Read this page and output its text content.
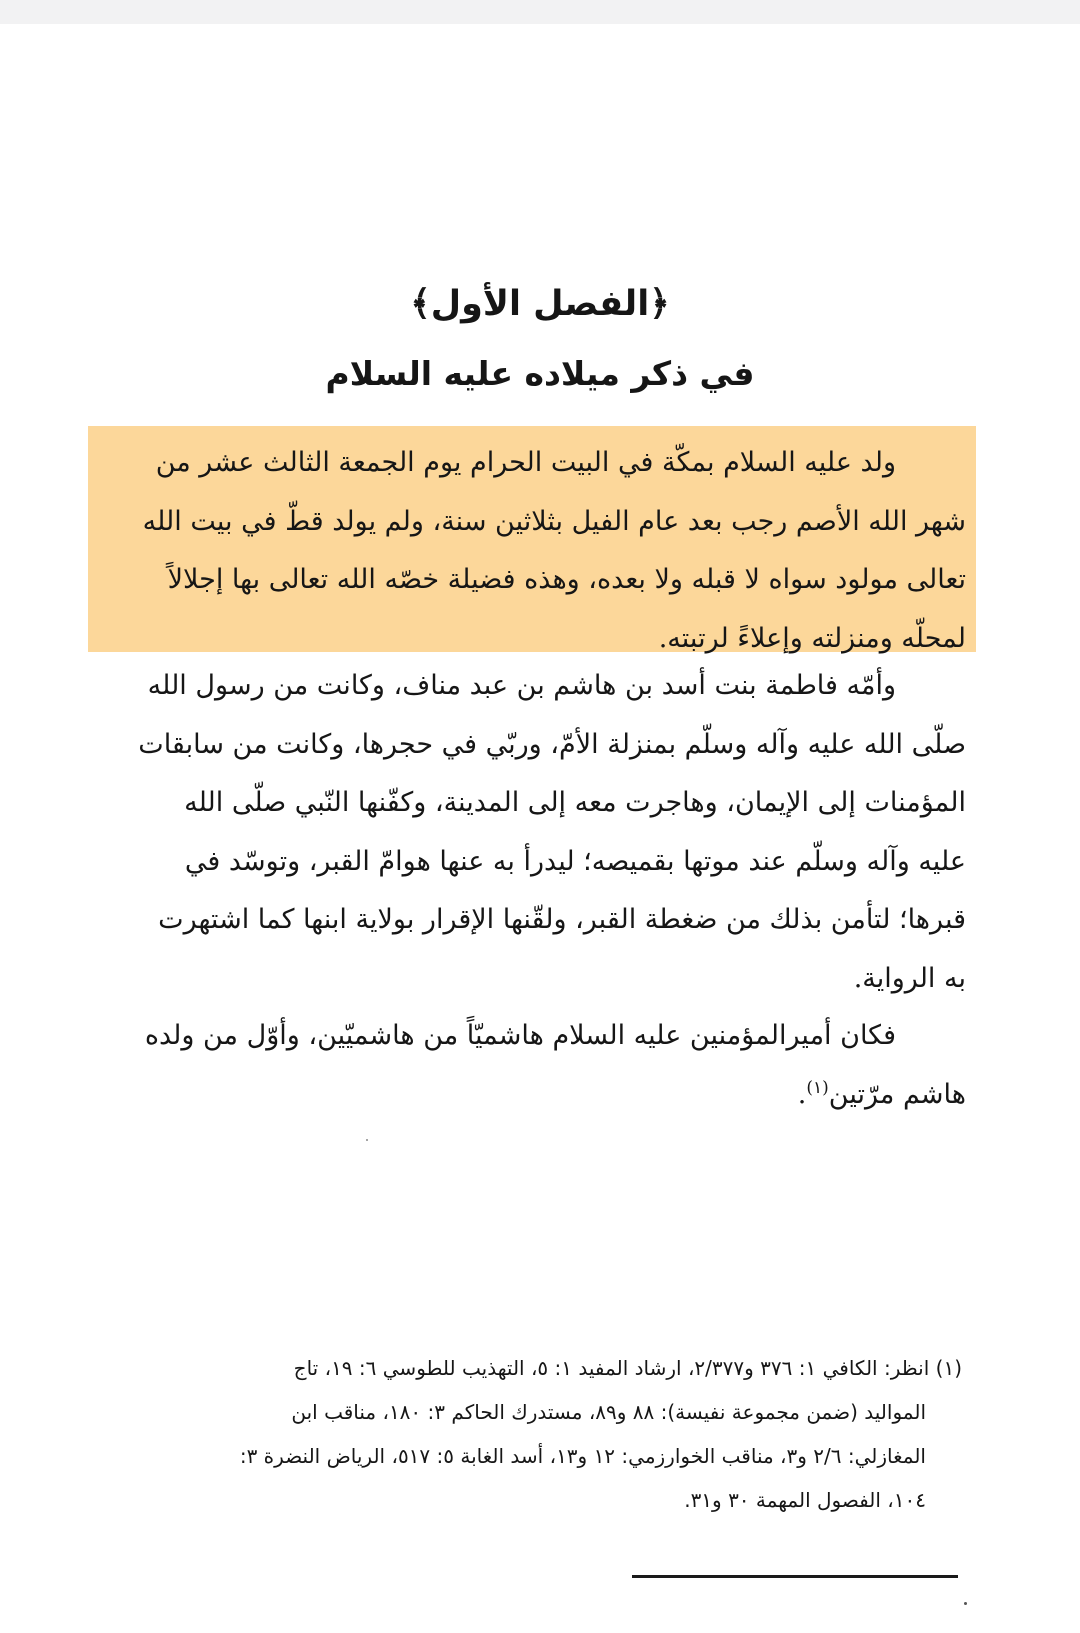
﴿الفصل الأول﴾
في ذكر ميلاده عليه السلام

ولد عليه السلام بمكّة في البيت الحرام يوم الجمعة الثالث عشر من
شهر الله الأصم رجب بعد عام الفيل بثلاثين سنة، ولم يولد قطّ في بيت الله
تعالى مولود سواه لا قبله ولا بعده، وهذه فضيلة خصّه الله تعالى بها إجلالاً
لمحلّه ومنزلته وإعلاءً لرتبته.

وأمّه فاطمة بنت أسد بن هاشم بن عبد مناف، وكانت من رسول الله
صلّى الله عليه وآله وسلّم بمنزلة الأمّ، وربّي في حجرها، وكانت من سابقات
المؤمنات إلى الإيمان، وهاجرت معه إلى المدينة، وكفّنها النّبي صلّى الله
عليه وآله وسلّم عند موتها بقميصه؛ ليدرأ به عنها هوامّ القبر، وتوسّد في
قبرها؛ لتأمن بذلك من ضغطة القبر، ولقّنها الإقرار بولاية ابنها كما اشتهرت
به الرواية.

فكان أميرالمؤمنين عليه السلام هاشميّاً من هاشميّين، وأوّل من ولده
هاشم مرّتين$^{(١)}$.

(١) انظر: الكافي ١: ٣٧٦ و٢/٣٧٧، ارشاد المفيد ١: ٥، التهذيب للطوسي ٦: ١٩، تاج
المواليد (ضمن مجموعة نفيسة): ٨٨ و٨٩، مستدرك الحاكم ٣: ١٨٠، مناقب ابن
المغازلي: ٢/٦ و٣، مناقب الخوارزمي: ١٢ و١٣، أسد الغابة ٥: ٥١٧، الرياض النضرة ٣:
١٠٤، الفصول المهمة ٣٠ و٣١.
